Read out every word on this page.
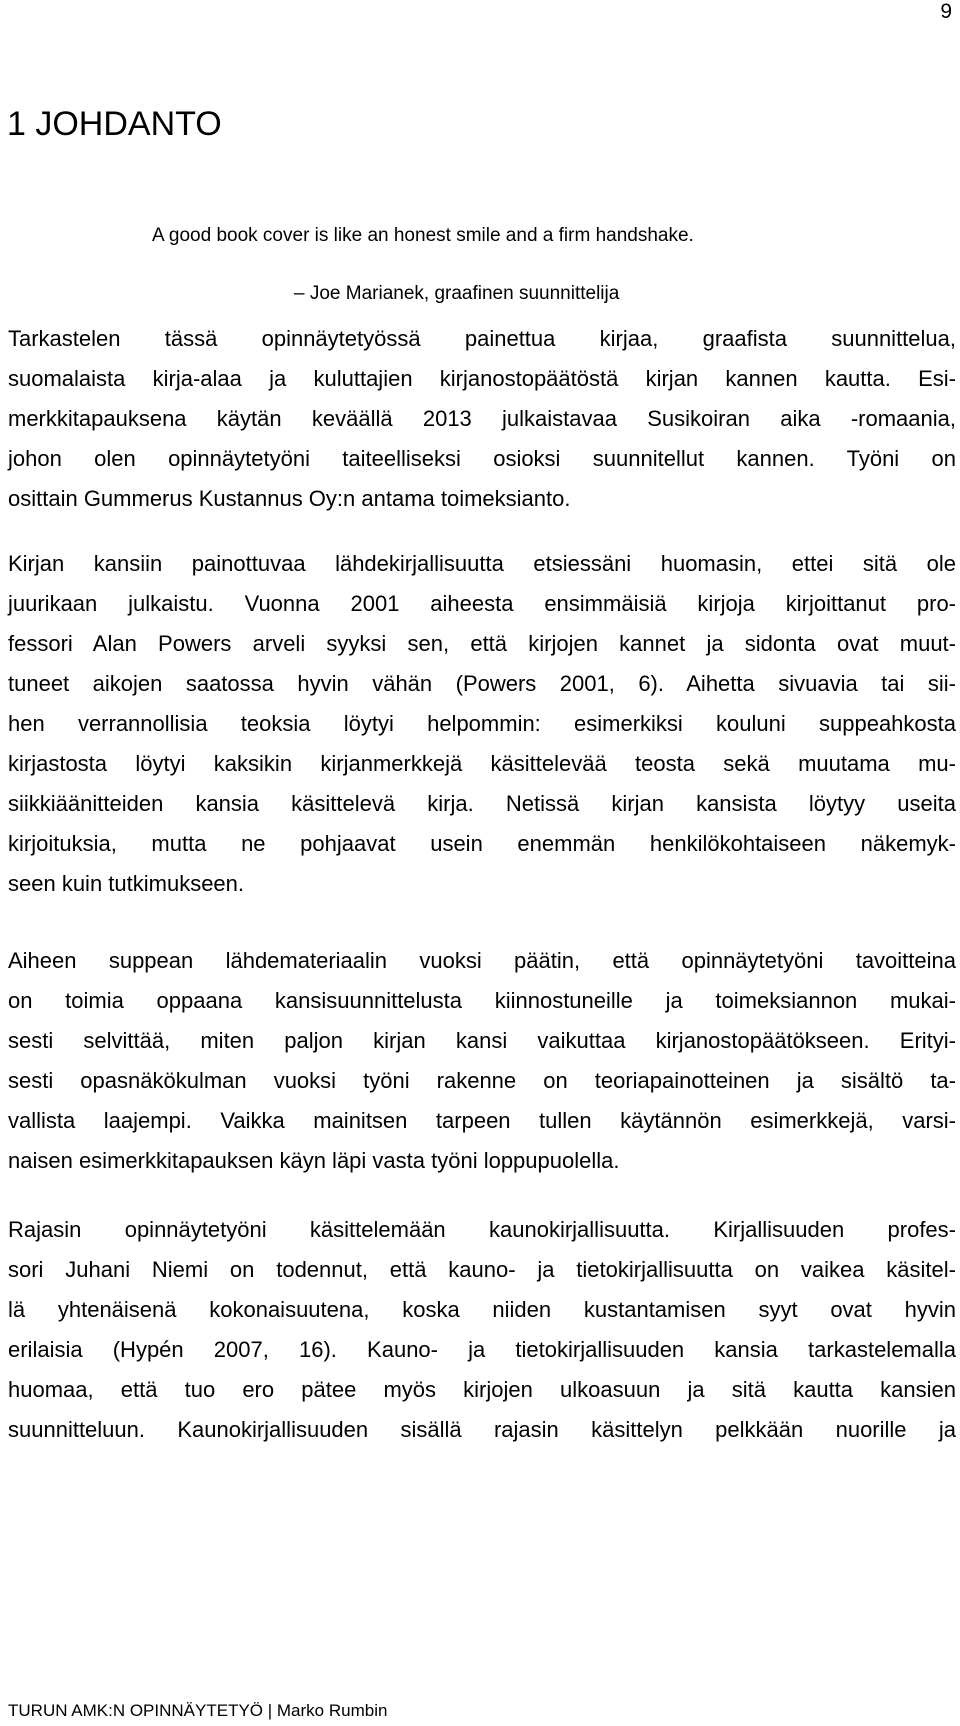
9
1 JOHDANTO
A good book cover is like an honest smile and a firm handshake.
– Joe Marianek, graafinen suunnittelija
Tarkastelen tässä opinnäytetyössä painettua kirjaa, graafista suunnittelua,
suomalaista kirja-alaa ja kuluttajien kirjanostopäätöstä kirjan kannen kautta. Esi-
merkkitapauksena käytän keväällä 2013 julkaistavaa Susikoiran aika -romaania,
johon olen opinnäytetyöni taiteelliseksi osioksi suunnitellut kannen. Työni on
osittain Gummerus Kustannus Oy:n antama toimeksianto.
Kirjan kansiin painottuvaa lähdekirjallisuutta etsiessäni huomasin, ettei sitä ole
juurikaan julkaistu. Vuonna 2001 aiheesta ensimmäisiä kirjoja kirjoittanut pro-
fessori Alan Powers arveli syyksi sen, että kirjojen kannet ja sidonta ovat muut-
tuneet aikojen saatossa hyvin vähän (Powers 2001, 6). Aihetta sivuavia tai sii-
hen verrannollisia teoksia löytyi helpommin: esimerkiksi kouluni suppeahkosta
kirjastosta löytyi kaksikin kirjanmerkkejä käsittelevää teosta sekä muutama mu-
siikkiäänitteiden kansia käsittelevä kirja. Netissä kirjan kansista löytyy useita
kirjoituksia, mutta ne pohjaavat usein enemmän henkilökohtaiseen näkemyk-
seen kuin tutkimukseen.
Aiheen suppean lähdemateriaalin vuoksi päätin, että opinnäytetyöni tavoitteina
on toimia oppaana kansisuunnittelusta kiinnostuneille ja toimeksiannon mukai-
sesti selvittää, miten paljon kirjan kansi vaikuttaa kirjanostopäätökseen. Erityi-
sesti opasnäkökulman vuoksi työni rakenne on teoriapainotteinen ja sisältö ta-
vallista laajempi. Vaikka mainitsen tarpeen tullen käytännön esimerkkejä, varsi-
naisen esimerkkitapauksen käyn läpi vasta työni loppupuolella.
Rajasin opinnäytetyöni käsittelemään kaunokirjallisuutta. Kirjallisuuden profes-
sori Juhani Niemi on todennut, että kauno- ja tietokirjallisuutta on vaikea käsitel-
lä yhtenäisenä kokonaisuutena, koska niiden kustantamisen syyt ovat hyvin
erilaisia (Hypén 2007, 16). Kauno- ja tietokirjallisuuden kansia tarkastelemalla
huomaa, että tuo ero pätee myös kirjojen ulkoasuun ja sitä kautta kansien
suunnitteluun. Kaunokirjallisuuden sisällä rajasin käsittelyn pelkkään nuorille ja
TURUN AMK:N OPINNÄYTETYÖ | Marko Rumbin
